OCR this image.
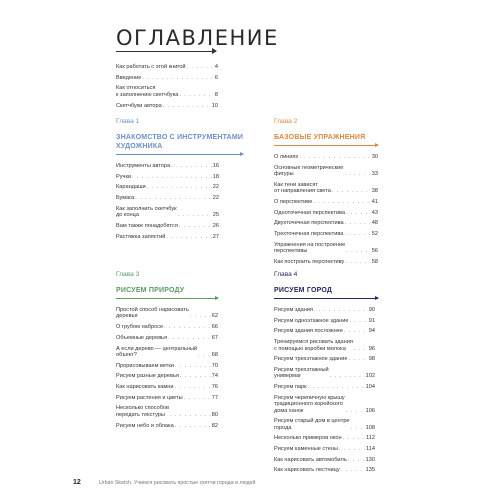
ОГЛАВЛЕНИЕ
Как работать с этой книгой . . .	4
Введение . . .	6
Как относиться
к заполнению скетчбука . . .	8
Скетчбуки автора . . .	10
Глава 1
ЗНАКОМСТВО С ИНСТРУМЕНТАМИ ХУДОЖНИКА
Инструменты автора . . .	16
Ручки . . .	18
Карандаши . . .	22
Бумага . . .	22
Как заполнить скетчбук
до конца . . .	25
Вам также понадобятся . . .	26
Растяжка запястий . . .	27
Глава 2
БАЗОВЫЕ УПРАЖНЕНИЯ
О линиях . . .	30
Основные геометрические
фигуры . . .	33
Как тени зависят
от направления света . . .	38
О перспективе . . .	41
Одноточечная перспектива . . .	43
Двухточечная перспектива . . .	48
Трехточечная перспектива . . .	52
Упражнения на построение
перспективы . . .	56
Как построить перспективу . . .	58
Глава 3
РИСУЕМ ПРИРОДУ
Простой способ нарисовать
деревья . . .	62
О грубом набросе . . .	66
Объемные деревья . . .	67
А если дерево — центральный
объект? . . .	68
Прорисовываем ветки . . .	70
Рисуем разные деревья . . .	74
Как нарисовать камни . . .	76
Рисуем растения и цветы . . .	77
Несколько способов
передать текстуры . . .	80
Рисуем небо и облака . . .	82
Глава 4
РИСУЕМ ГОРОД
Рисуем здания . . .	90
Рисуем одноэтажное здание . . .	91
Рисуем здания посложнее . . .	94
Тренируемся рисовать здания
с помощью коробки молока . . .	96
Рисуем трехэтажное здание . . .	98
Рисуем трехэтажный
универмаг . . .	102
Рисуем парк . . .	104
Рисуем черепичную крышу
традиционного корейского
дома ханок . . .	106
Рисуем старый дом в центре
города . . .	108
Несколько примеров окон . . .	112
Рисуем каменные стены . . .	114
Как нарисовать автомобиль . . .	130
Как нарисовать лестницу . . .	135
12	Urban Sketch. Учимся рисовать простые скетчи города и людей
